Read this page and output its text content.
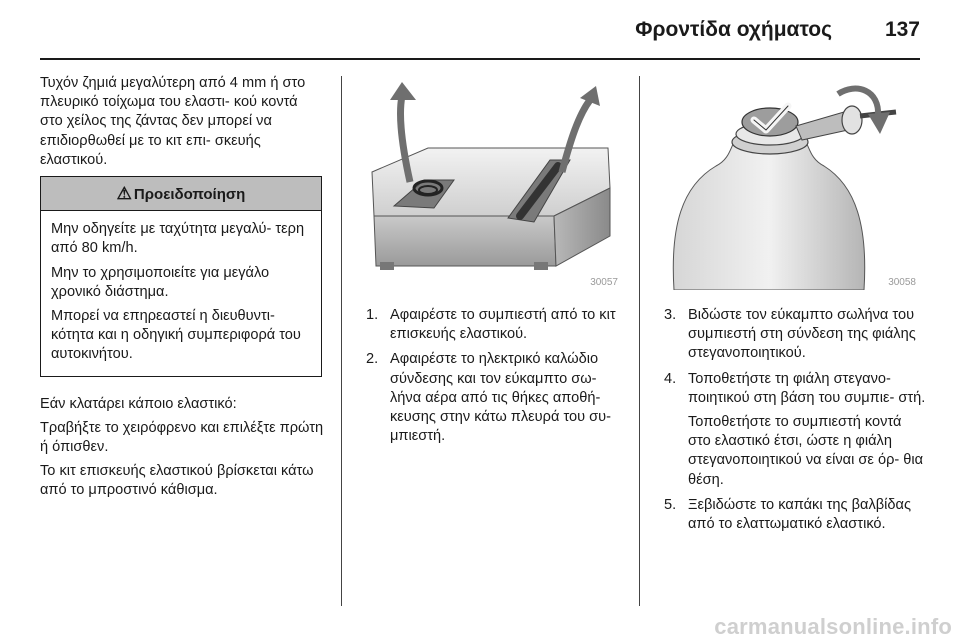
Φροντίδα οχήματος	137

Τυχόν ζημιά μεγαλύτερη από 4 mm ή στο πλευρικό τοίχωμα του ελαστι- κού κοντά στο χείλος της ζάντας δεν μπορεί να επιδιορθωθεί με το κιτ επι- σκευής ελαστικού.

⚠ Προειδοποίηση

Μην οδηγείτε με ταχύτητα μεγαλύ- τερη από 80 km/h.

Μην το χρησιμοποιείτε για μεγάλο χρονικό διάστημα.

Μπορεί να επηρεαστεί η διευθυντι- κότητα και η οδηγική συμπεριφορά του αυτοκινήτου.

Εάν κλατάρει κάποιο ελαστικό:

Τραβήξτε το χειρόφρενο και επιλέξτε πρώτη ή όπισθεν.

Το κιτ επισκευής ελαστικού βρίσκεται κάτω από το μπροστινό κάθισμα.

30057
1. Αφαιρέστε το συμπιεστή από το κιτ επισκευής ελαστικού.
2. Αφαιρέστε το ηλεκτρικό καλώδιο σύνδεσης και τον εύκαμπτο σω- λήνα αέρα από τις θήκες αποθή- κευσης στην κάτω πλευρά του συ- μπιεστή.
30058
3. Βιδώστε τον εύκαμπτο σωλήνα του συμπιεστή στη σύνδεση της φιάλης στεγανοποιητικού.
4. Τοποθετήστε τη φιάλη στεγανο- ποιητικού στη βάση του συμπιε- στή.
Τοποθετήστε το συμπιεστή κοντά στο ελαστικό έτσι, ώστε η φιάλη στεγανοποιητικού να είναι σε όρ- θια θέση.
5. Ξεβιδώστε το καπάκι της βαλβίδας από το ελαττωματικό ελαστικό.
carmanualsonline.info
